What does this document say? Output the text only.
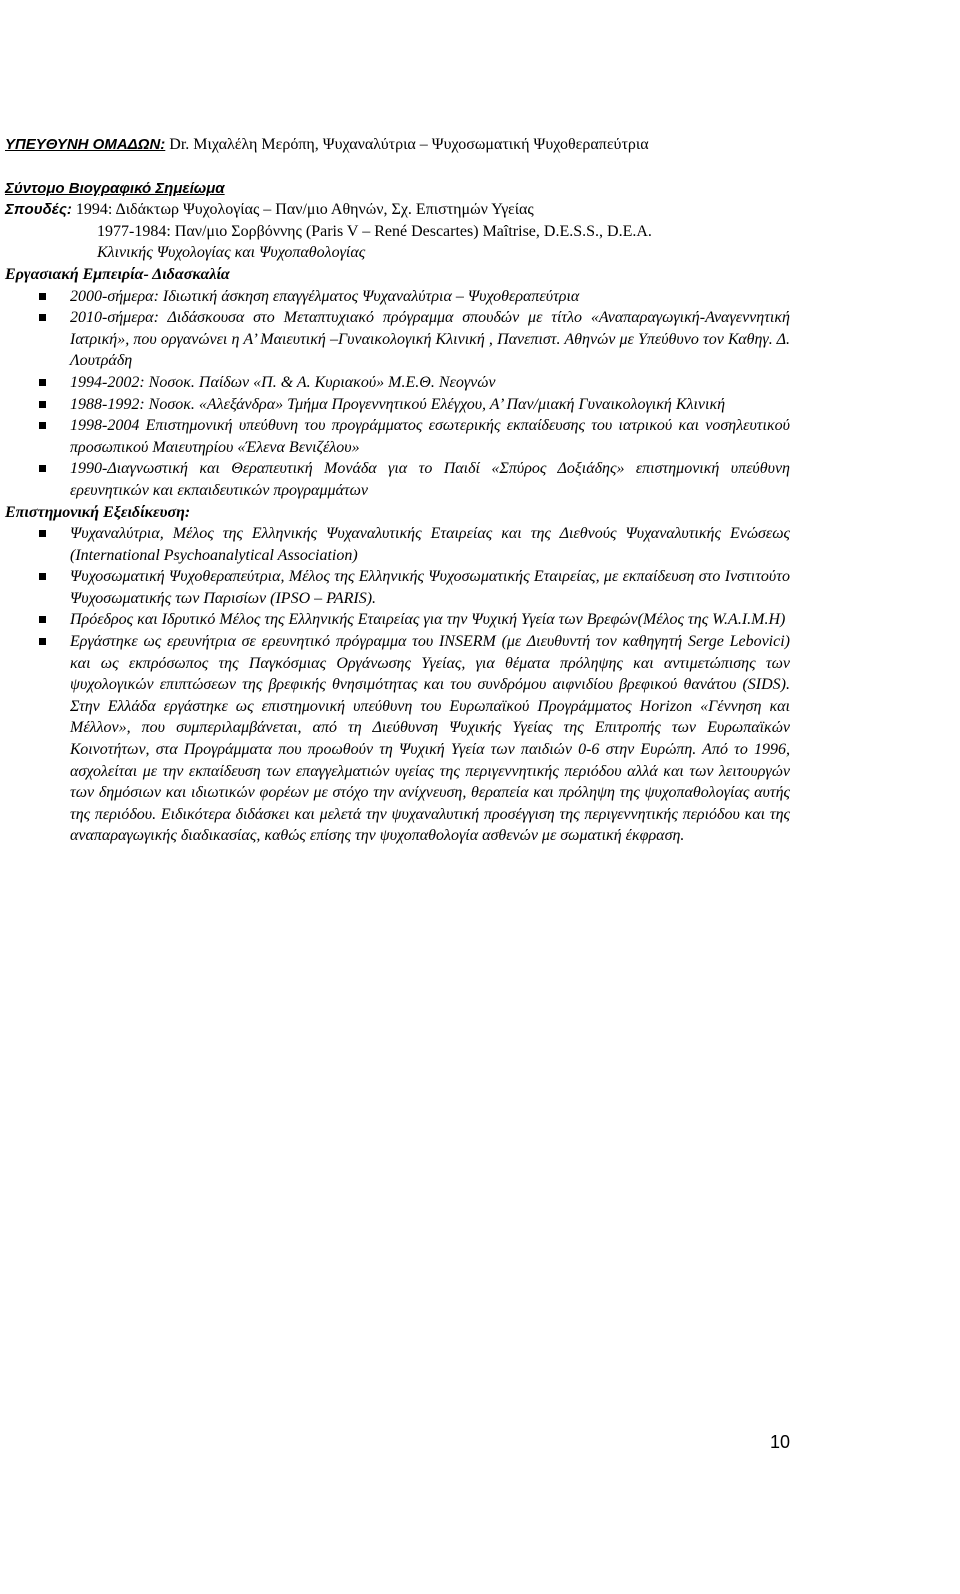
ΥΠΕΥΘΥΝΗ ΟΜΑΔΩΝ: Dr. Μιχαλέλη Μερόπη, Ψυχαναλύτρια – Ψυχοσωματική Ψυχοθεραπεύτρια

Σύντομο Βιογραφικό Σημείωμα

Σπουδές: 1994: Διδάκτωρ Ψυχολογίας – Παν/μιο Αθηνών, Σχ. Επιστημών Υγείας

1977-1984: Παν/μιο Σορβόννης (Paris V – René Descartes) Maîtrise, D.E.S.S., D.E.A.

Κλινικής Ψυχολογίας και Ψυχοπαθολογίας

Εργασιακή Εμπειρία- Διδασκαλία

2000-σήμερα: Ιδιωτική άσκηση επαγγέλματος Ψυχαναλύτρια – Ψυχοθεραπεύτρια
2010-σήμερα: Διδάσκουσα στο Μεταπτυχιακό πρόγραμμα σπουδών με τίτλο «Αναπαραγωγική-Αναγεννητική Ιατρική», που οργανώνει η Α’ Μαιευτική –Γυναικολογική Κλινική , Πανεπιστ. Αθηνών με Υπεύθυνο τον Καθηγ. Δ. Λουτράδη
1994-2002: Νοσοκ. Παίδων «Π. & Α. Κυριακού» Μ.Ε.Θ. Νεογνών
1988-1992: Νοσοκ. «Αλεξάνδρα» Τμήμα Προγεννητικού Ελέγχου, Α’ Παν/μιακή Γυναικολογική Κλινική
1998-2004 Επιστημονική υπεύθυνη του προγράμματος εσωτερικής εκπαίδευσης του ιατρικού και νοσηλευτικού προσωπικού Μαιευτηρίου «Έλενα Βενιζέλου»
1990-Διαγνωστική και Θεραπευτική Μονάδα για το Παιδί «Σπύρος Δοξιάδης» επιστημονική υπεύθυνη ερευνητικών και εκπαιδευτικών προγραμμάτων

Επιστημονική Εξειδίκευση:

Ψυχαναλύτρια, Μέλος της Ελληνικής Ψυχαναλυτικής Εταιρείας και της Διεθνούς Ψυχαναλυτικής Ενώσεως (International Psychoanalytical Association)
Ψυχοσωματική Ψυχοθεραπεύτρια, Μέλος της Ελληνικής Ψυχοσωματικής Εταιρείας, με εκπαίδευση στο Ινστιτούτο Ψυχοσωματικής των Παρισίων (IPSO – PARIS).
Πρόεδρος και Ιδρυτικό Μέλος της Ελληνικής Εταιρείας για την Ψυχική Υγεία των Βρεφών(Μέλος της W.A.I.M.H)
Εργάστηκε ως ερευνήτρια σε ερευνητικό πρόγραμμα του INSERM (με Διευθυντή τον καθηγητή Serge Lebovici) και ως εκπρόσωπος της Παγκόσμιας Οργάνωσης Υγείας, για θέματα πρόληψης και αντιμετώπισης των ψυχολογικών επιπτώσεων της βρεφικής θνησιμότητας και του συνδρόμου αιφνιδίου βρεφικού θανάτου (SIDS). Στην Ελλάδα εργάστηκε ως επιστημονική υπεύθυνη του Ευρωπαϊκού Προγράμματος Horizon «Γέννηση και Μέλλον», που συμπεριλαμβάνεται, από τη Διεύθυνση Ψυχικής Υγείας της Επιτροπής των Ευρωπαϊκών Κοινοτήτων, στα Προγράμματα που προωθούν τη Ψυχική Υγεία των παιδιών 0-6 στην Ευρώπη. Από το 1996, ασχολείται με την εκπαίδευση των επαγγελματιών υγείας της περιγεννητικής περιόδου αλλά και των λειτουργών των δημόσιων και ιδιωτικών φορέων με στόχο την ανίχνευση, θεραπεία και πρόληψη της ψυχοπαθολογίας αυτής της περιόδου. Ειδικότερα διδάσκει και μελετά την ψυχαναλυτική προσέγγιση της περιγεννητικής περιόδου και της αναπαραγωγικής διαδικασίας, καθώς επίσης την ψυχοπαθολογία ασθενών με σωματική έκφραση.
10
